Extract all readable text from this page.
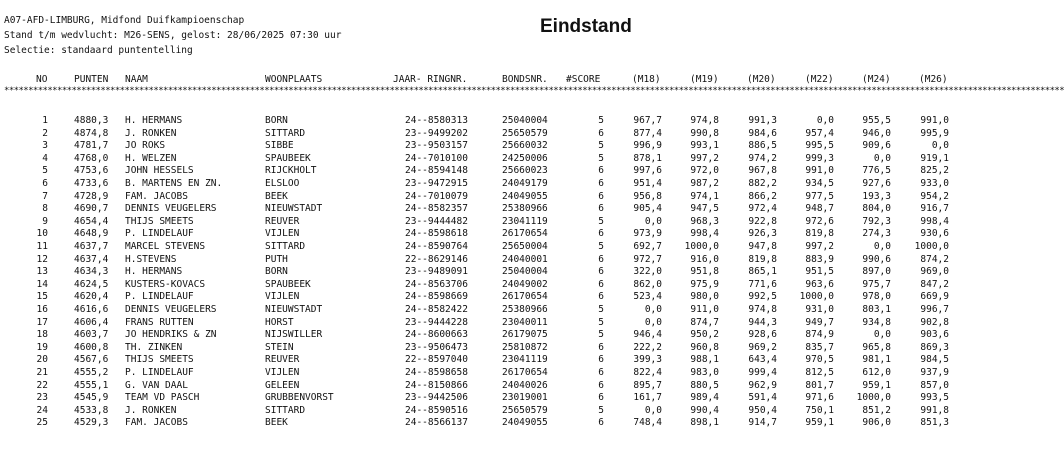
A07-AFD-LIMBURG, Midfond Duifkampioenschap
Stand t/m wedvlucht: M26-SENS, gelost: 28/06/2025 07:30 uur
Selectie: standaard puntentelling
Eindstand
NO	PUNTEN NAAM	WOONPLAATS	JAAR- RINGNR.	BONDSNR. #SCORE	(M18)	(M19)	(M20)	(M22)	(M24)	(M26)
****************************************************************************************************************************************************************************************************************************
1	4880,3 H. HERMANS	BORN	24--8580313	25040004	5	967,7	974,8	991,3	0,0	955,5	991,0
2	4874,8 J. RONKEN	SITTARD	23--9499202	25650579	6	877,4	990,8	984,6	957,4	946,0	995,9
3	4781,7 JO ROKS	SIBBE	23--9503157	25660032	5	996,9	993,1	886,5	995,5	909,6	0,0
4	4768,0 H. WELZEN	SPAUBEEK	24--7010100	24250006	5	878,1	997,2	974,2	999,3	0,0	919,1
5	4753,6 JOHN HESSELS	RIJCKHOLT	24--8594148	25660023	6	997,6	972,0	967,8	991,0	776,5	825,2
6	4733,6 B. MARTENS EN ZN.	ELSLOO	23--9472915	24049179	6	951,4	987,2	882,2	934,5	927,6	933,0
7	4728,9 FAM. JACOBS	BEEK	24--7010079	24049055	6	956,8	974,1	866,2	977,5	193,3	954,2
8	4690,7 DENNIS VEUGELERS	NIEUWSTADT	24--8582357	25380966	6	905,4	947,5	972,4	948,7	804,0	916,7
9	4654,4 THIJS SMEETS	REUVER	23--9444482	23041119	5	0,0	968,3	922,8	972,6	792,3	998,4
10	4648,9 P. LINDELAUF	VIJLEN	24--8598618	26170654	6	973,9	998,4	926,3	819,8	274,3	930,6
11	4637,7 MARCEL STEVENS	SITTARD	24--8590764	25650004	5	692,7 1000,0	947,8	997,2	0,0 1000,0
12	4637,4 H.STEVENS	PUTH	22--8629146	24040001	6	972,7	916,0	819,8	883,9	990,6	874,2
13	4634,3 H. HERMANS	BORN	23--9489091	25040004	6	322,0	951,8	865,1	951,5	897,0	969,0
14	4624,5 KUSTERS-KOVACS	SPAUBEEK	24--8563706	24049002	6	862,0	975,9	771,6	963,6	975,7	847,2
15	4620,4 P. LINDELAUF	VIJLEN	24--8598669	26170654	6	523,4	980,0	992,5 1000,0	978,0	669,9
16	4616,6 DENNIS VEUGELERS	NIEUWSTADT	24--8582422	25380966	5	0,0	911,0	974,8	931,0	803,1	996,7
17	4606,4 FRANS RUTTEN	HORST	23--9444228	23040011	5	0,0	874,7	944,3	949,7	934,8	902,8
18	4603,7 JO HENDRIKS & ZN	NIJSWILLER	24--8600663	26179075	5	946,4	950,2	928,6	874,9	0,0	903,6
19	4600,8 TH. ZINKEN	STEIN	23--9506473	25810872	6	222,2	960,8	969,2	835,7	965,8	869,3
20	4567,6 THIJS SMEETS	REUVER	22--8597040	23041119	6	399,3	988,1	643,4	970,5	981,1	984,5
21	4555,2 P. LINDELAUF	VIJLEN	24--8598658	26170654	6	822,4	983,0	999,4	812,5	612,0	937,9
22	4555,1 G. VAN DAAL	GELEEN	24--8150866	24040026	6	895,7	880,5	962,9	801,7	959,1	857,0
23	4545,9 TEAM VD PASCH	GRUBBENVORST	23--9442506	23019001	6	161,7	989,4	591,4	971,6 1000,0	993,5
24	4533,8 J. RONKEN	SITTARD	24--8590516	25650579	5	0,0	990,4	950,4	750,1	851,2	991,8
25	4529,3 FAM. JACOBS	BEEK	24--8566137	24049055	6	748,4	898,1	914,7	959,1	906,0	851,3
